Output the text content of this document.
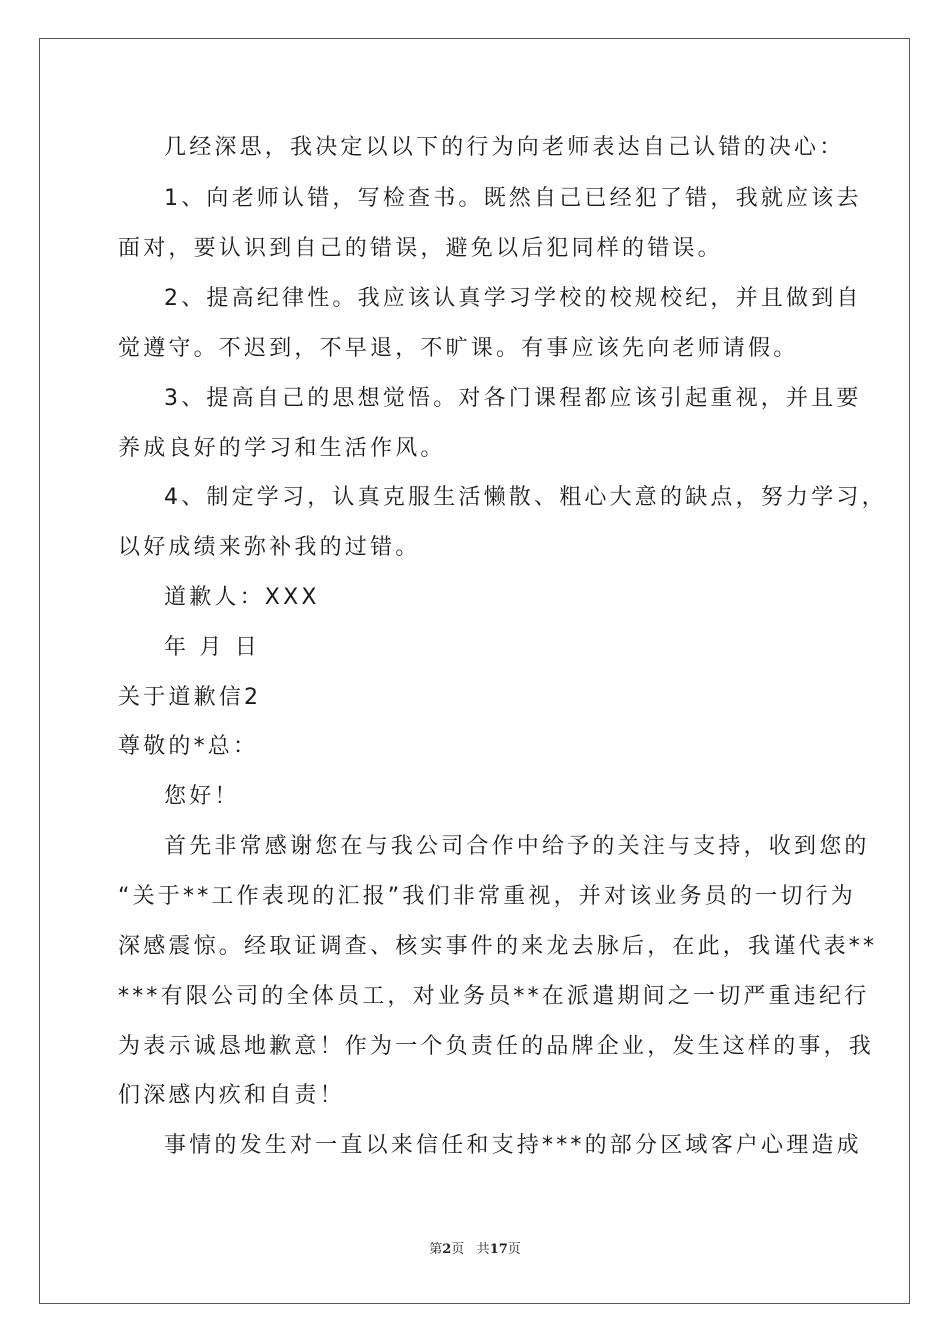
几经深思，我决定以以下的行为向老师表达自己认错的决心：
1、向老师认错，写检查书。既然自己已经犯了错，我就应该去
面对，要认识到自己的错误，避免以后犯同样的错误。
2、提高纪律性。我应该认真学习学校的校规校纪，并且做到自
觉遵守。不迟到，不早退，不旷课。有事应该先向老师请假。
3、提高自己的思想觉悟。对各门课程都应该引起重视，并且要
养成良好的学习和生活作风。
4、制定学习，认真克服生活懒散、粗心大意的缺点，努力学习，
以好成绩来弥补我的过错。
道歉人：XXX
年 月 日
关于道歉信2
尊敬的*总：
您好！
首先非常感谢您在与我公司合作中给予的关注与支持，收到您的
“关于**工作表现的汇报”我们非常重视，并对该业务员的一切行为
深感震惊。经取证调查、核实事件的来龙去脉后，在此，我谨代表**
***有限公司的全体员工，对业务员**在派遣期间之一切严重违纪行
为表示诚恳地歉意！作为一个负责任的品牌企业，发生这样的事，我
们深感内疚和自责！
事情的发生对一直以来信任和支持***的部分区域客户心理造成
第2页 共17页
